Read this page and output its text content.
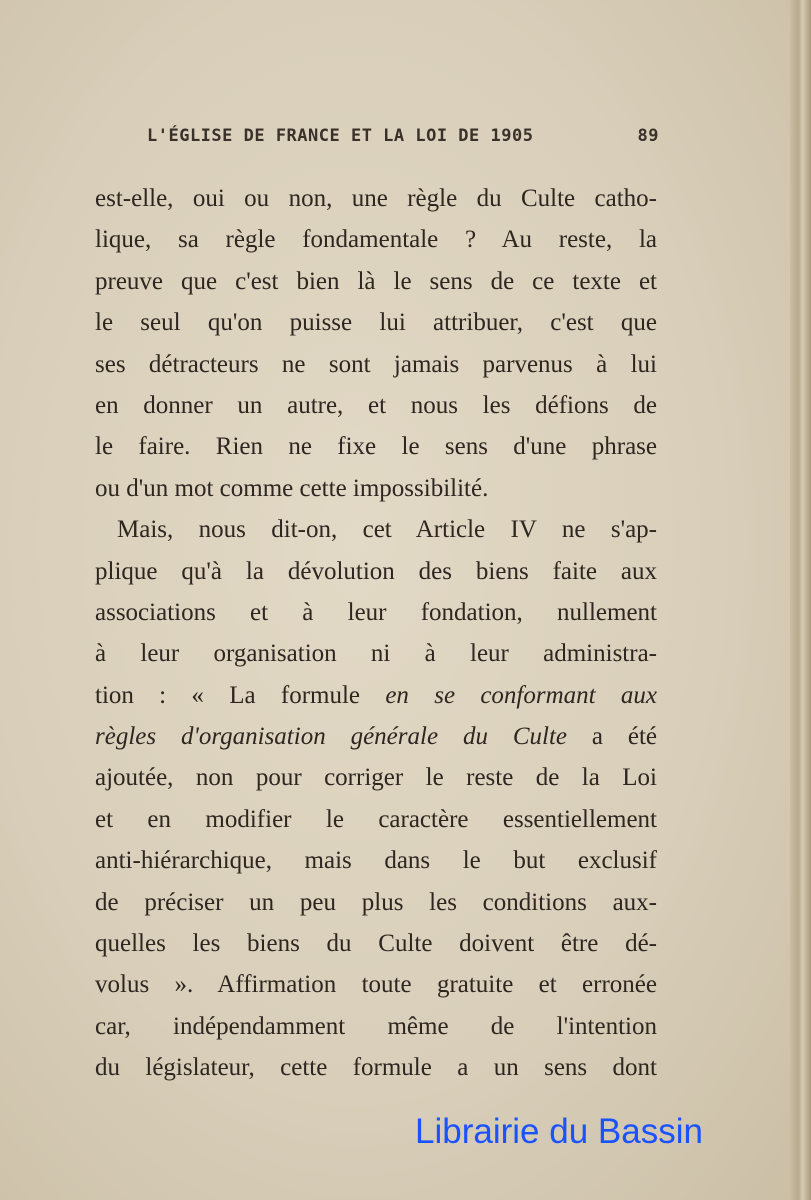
L'ÉGLISE DE FRANCE ET LA LOI DE 1905	89
est-elle, oui ou non, une règle du Culte catho-
lique, sa règle fondamentale ? Au reste, la
preuve que c'est bien là le sens de ce texte et
le seul qu'on puisse lui attribuer, c'est que
ses détracteurs ne sont jamais parvenus à lui
en donner un autre, et nous les défions de
le faire. Rien ne fixe le sens d'une phrase
ou d'un mot comme cette impossibilité.
Mais, nous dit-on, cet Article IV ne s'ap-
plique qu'à la dévolution des biens faite aux
associations et à leur fondation, nullement
à leur organisation ni à leur administra-
tion : « La formule en se conformant aux
règles d'organisation générale du Culte a été
ajoutée, non pour corriger le reste de la Loi
et en modifier le caractère essentiellement
anti-hiérarchique, mais dans le but exclusif
de préciser un peu plus les conditions aux-
quelles les biens du Culte doivent être dé-
volus ». Affirmation toute gratuite et erronée
car, indépendamment même de l'intention
du législateur, cette formule a un sens dont
Librairie du Bassin
